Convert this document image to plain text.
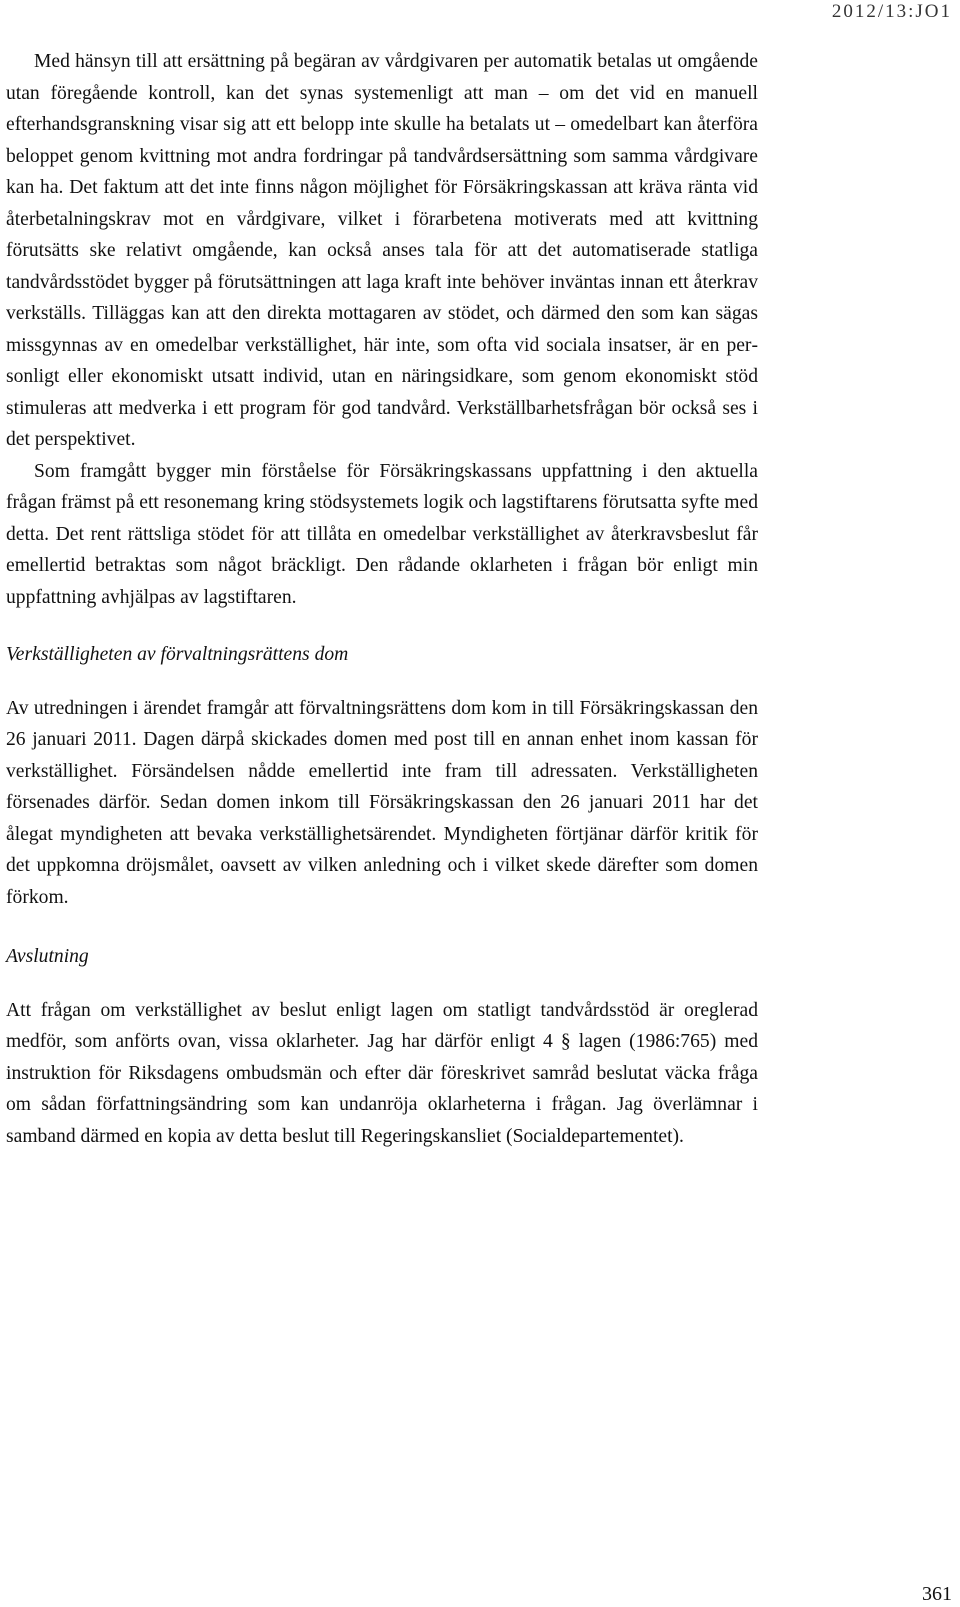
2012/13:JO1

Med hänsyn till att ersättning på begäran av vårdgivaren per automatik betalas ut omgående utan föregående kontroll, kan det synas systemenligt att man – om det vid en manuell efterhandsgranskning visar sig att ett belopp inte skulle ha betalats ut – omedelbart kan återföra beloppet genom kvittning mot andra fordringar på tandvårdsersättning som samma vårdgivare kan ha. Det faktum att det inte finns någon möjlighet för Försäkringskassan att kräva ränta vid återbetalningskrav mot en vårdgivare, vilket i förarbetena motiverats med att kvittning förutsätts ske relativt omgående, kan också anses tala för att det automatiserade statliga tandvårdsstödet bygger på förutsättningen att laga kraft inte behöver inväntas innan ett återkrav verkställs. Tilläggas kan att den direkta mottagaren av stödet, och därmed den som kan sägas missgynnas av en omedelbar verkställighet, här inte, som ofta vid sociala insatser, är en personligt eller ekonomiskt utsatt individ, utan en näringsidkare, som genom ekonomiskt stöd stimuleras att medverka i ett program för god tandvård. Verkställbarhetsfrågan bör också ses i det perspektivet.

Som framgått bygger min förståelse för Försäkringskassans uppfattning i den aktuella frågan främst på ett resonemang kring stödsystemets logik och lagstiftarens förutsatta syfte med detta. Det rent rättsliga stödet för att tillåta en omedelbar verkställighet av återkravsbeslut får emellertid betraktas som något bräckligt. Den rådande oklarheten i frågan bör enligt min uppfattning avhjälpas av lagstiftaren.

Verkställigheten av förvaltningsrättens dom

Av utredningen i ärendet framgår att förvaltningsrättens dom kom in till Försäkringskassan den 26 januari 2011. Dagen därpå skickades domen med post till en annan enhet inom kassan för verkställighet. Försändelsen nådde emellertid inte fram till adressaten. Verkställigheten försenades därför. Sedan domen inkom till Försäkringskassan den 26 januari 2011 har det ålegat myndigheten att bevaka verkställighetsärendet. Myndigheten förtjänar därför kritik för det uppkomna dröjsmålet, oavsett av vilken anledning och i vilket skede därefter som domen förkom.

Avslutning

Att frågan om verkställighet av beslut enligt lagen om statligt tandvårdsstöd är oreglerad medför, som anförts ovan, vissa oklarheter. Jag har därför enligt 4 § lagen (1986:765) med instruktion för Riksdagens ombudsmän och efter där föreskrivet samråd beslutat väcka fråga om sådan författningsändring som kan undanröja oklarheterna i frågan. Jag överlämnar i samband därmed en kopia av detta beslut till Regeringskansliet (Socialdepartementet).

361
